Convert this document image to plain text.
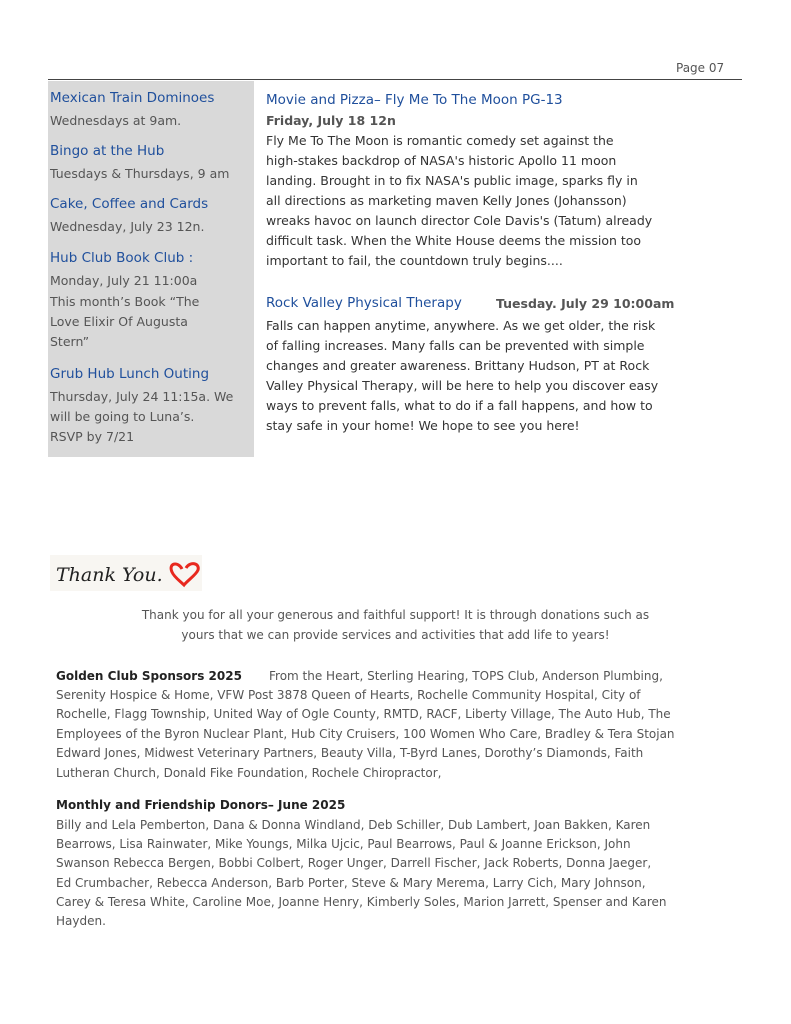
Page 07
Mexican Train Dominoes
Wednesdays at 9am.
Bingo at the Hub
Tuesdays & Thursdays, 9 am
Cake, Coffee and Cards
Wednesday, July 23 12n.
Hub Club Book Club :
Monday, July 21 11:00a
This month’s Book “The
Love Elixir Of Augusta
Stern”
Grub Hub Lunch Outing
Thursday, July 24 11:15a. We
will be going to Luna’s.
RSVP by 7/21
Movie and Pizza– Fly Me To The Moon PG-13
Friday, July 18 12n
Fly Me To The Moon is romantic comedy set against the
high-stakes backdrop of NASA's historic Apollo 11 moon
landing. Brought in to fix NASA's public image, sparks fly in
all directions as marketing maven Kelly Jones (Johansson)
wreaks havoc on launch director Cole Davis's (Tatum) already
difficult task. When the White House deems the mission too
important to fail, the countdown truly begins....
Rock Valley Physical Therapy	Tuesday. July 29 10:00am
Falls can happen anytime, anywhere. As we get older, the risk
of falling increases. Many falls can be prevented with simple
changes and greater awareness. Brittany Hudson, PT at Rock
Valley Physical Therapy, will be here to help you discover easy
ways to prevent falls, what to do if a fall happens, and how to
stay safe in your home! We hope to see you here!
Thank You.
Thank you for all your generous and faithful support! It is through donations such as
yours that we can provide services and activities that add life to years!
Golden Club Sponsors 2025 From the Heart, Sterling Hearing, TOPS Club, Anderson Plumbing,
Serenity Hospice & Home, VFW Post 3878 Queen of Hearts, Rochelle Community Hospital, City of
Rochelle, Flagg Township, United Way of Ogle County, RMTD, RACF, Liberty Village, The Auto Hub, The
Employees of the Byron Nuclear Plant, Hub City Cruisers, 100 Women Who Care, Bradley & Tera Stojan
Edward Jones, Midwest Veterinary Partners, Beauty Villa, T-Byrd Lanes, Dorothy’s Diamonds, Faith
Lutheran Church, Donald Fike Foundation, Rochele Chiropractor,
Monthly and Friendship Donors– June 2025
Billy and Lela Pemberton, Dana & Donna Windland, Deb Schiller, Dub Lambert, Joan Bakken, Karen
Bearrows, Lisa Rainwater, Mike Youngs, Milka Ujcic, Paul Bearrows, Paul & Joanne Erickson, John
Swanson Rebecca Bergen, Bobbi Colbert, Roger Unger, Darrell Fischer, Jack Roberts, Donna Jaeger,
Ed Crumbacher, Rebecca Anderson, Barb Porter, Steve & Mary Merema, Larry Cich, Mary Johnson,
Carey & Teresa White, Caroline Moe, Joanne Henry, Kimberly Soles, Marion Jarrett, Spenser and Karen
Hayden.
